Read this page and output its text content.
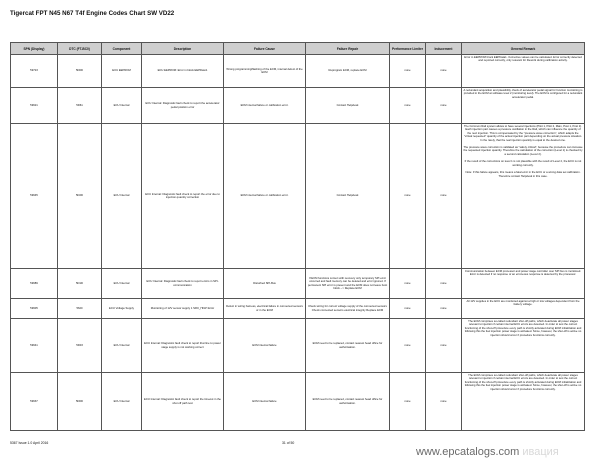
Tigercat FPT N45 N67 T4f Engine Codes Chart SW VD22
SPN (Display)	DTC (FT-BC0)	Component	Description	Failure Cause	Failure Repair	Performance Limiter	Inducement	General Remark
59723	5D0D	ECU EEPROM	ECU EEPROM: Error in block EEPDato1	Wrong programming/flashing of the ECM, internal defect of the ECM	Reprogram ECM, replace ECM	none	none	Error in EEPROM block EEPData1. Corrective values can be calculated. Error correctly detected and reported correctly, only relevant for Rework during calibration activity.

59621	5D61	ECU Internal	ECU Internal: Diagnostic fault check to report the accelerator pedal position error	ECM internal failure or calibration error.	Contact Helpdesk	none	none	A redundant acquisition and plausibility check of accelerator pedal signal for function monitoring is provided in the ECM at software level 2 (monitoring level). The ECM is configured for a redundant accelerator pedal.

59645	5D2D	ECU Internal	ECU Internal: Diagnostic fault check to report the error due to injection quantity correction	ECM internal failure or calibration error.	Contact Helpdesk	none	none	The Common Rail system allows to have several injections (Pilot 1, Pilot 2, Main, Post 1, Post 2). Each injection part causes a pressure oscillation in the Rail, which can influence the quantity of the next injection. This is compensated by the "pressure wave correction", which adapts the "virtual requested" quantity of the actual injection part depending on the actual pressure situation. In the rarely, that the real injection quantity is equal to the desired one.
The pressure wave correction is validated as "safety critical", because the procedure can increase the requested injection quantity. Therefore the calculation of the correction (Level 1) is checked by a second calculation (Level 2).
If the result of the corrections on level 1 is not plausible with the result of Level 2, the ECU is not working correctly.
Note: If this failure appears, this means a fatal error in the ECU or a wrong data set calibration. Therefore contact Helpdesk in this case.

59689	5D1D	ECU Internal	ECU Internal: Diagnostic fault check to report errors in SPI-communication	Disturbed SPI-Bus	If ECM functions correct with recovery only temporary SPI error occurred and fault memory can be deleted and error ignored. If permanent SPI error is present and the ECM does not leave boot block --> Replace ECM	none	none	Communication between ECM processor and power stage controller over SPI bus is monitored. Error is detected if no response or an erroneous response is detected by the processor.

59605	5620	ECU Voltage Supply	Monitoring of 12V sensor supply 1 SRC_HIGH Error	Defect in wiring harness, electrical failure in connected sensors or in the ECM	Check wiring for correct voltage supply of the connected sensors Check connected sensors electrical integrity Replace ECM	none	none	All 12V supplies in the ECU are monitored against a high or low voltages dependent from the battery voltage.

59641	5D03	ECU Internal	ECU Internal: Diagnostic fault check to report that line to power stage supply is not working correct	ECM internal failure	ECM need to be replaced, contact nearest head office for authorisation.	none	none	The ECM comprises so-called redundant shut-off paths, which deactivate all power stages relevant to injection if certain internal ECU errors are detected. In order to test the correct functioning of the shut-off procedure every path is shortly activated during ECM initialization and following this the fuel injection power stage is activated. Since, however, the shut-off is active no injection should occur if procedure functions correctly.

59637	5D0D	ECU Internal	ECU Internal: Diagnostic fault check to report the timeout in the shut off path test	ECM internal failure	ECM need to be replaced, contact nearest head office for authorisation.	none	none	The ECM comprises so-called redundant shut-off paths, which deactivate all power stages relevant to injection if certain internal ECU errors are detected. In order to test the correct functioning of the shut-off procedure every path is shortly activated during ECM initialization and following this the fuel injection power stage is activated. Since, however, the shut-off is active no injection should occur if procedure functions correctly.
5367 Issue 1.0 April 2016	31 of 50
www.epcatalogs.com ивация
